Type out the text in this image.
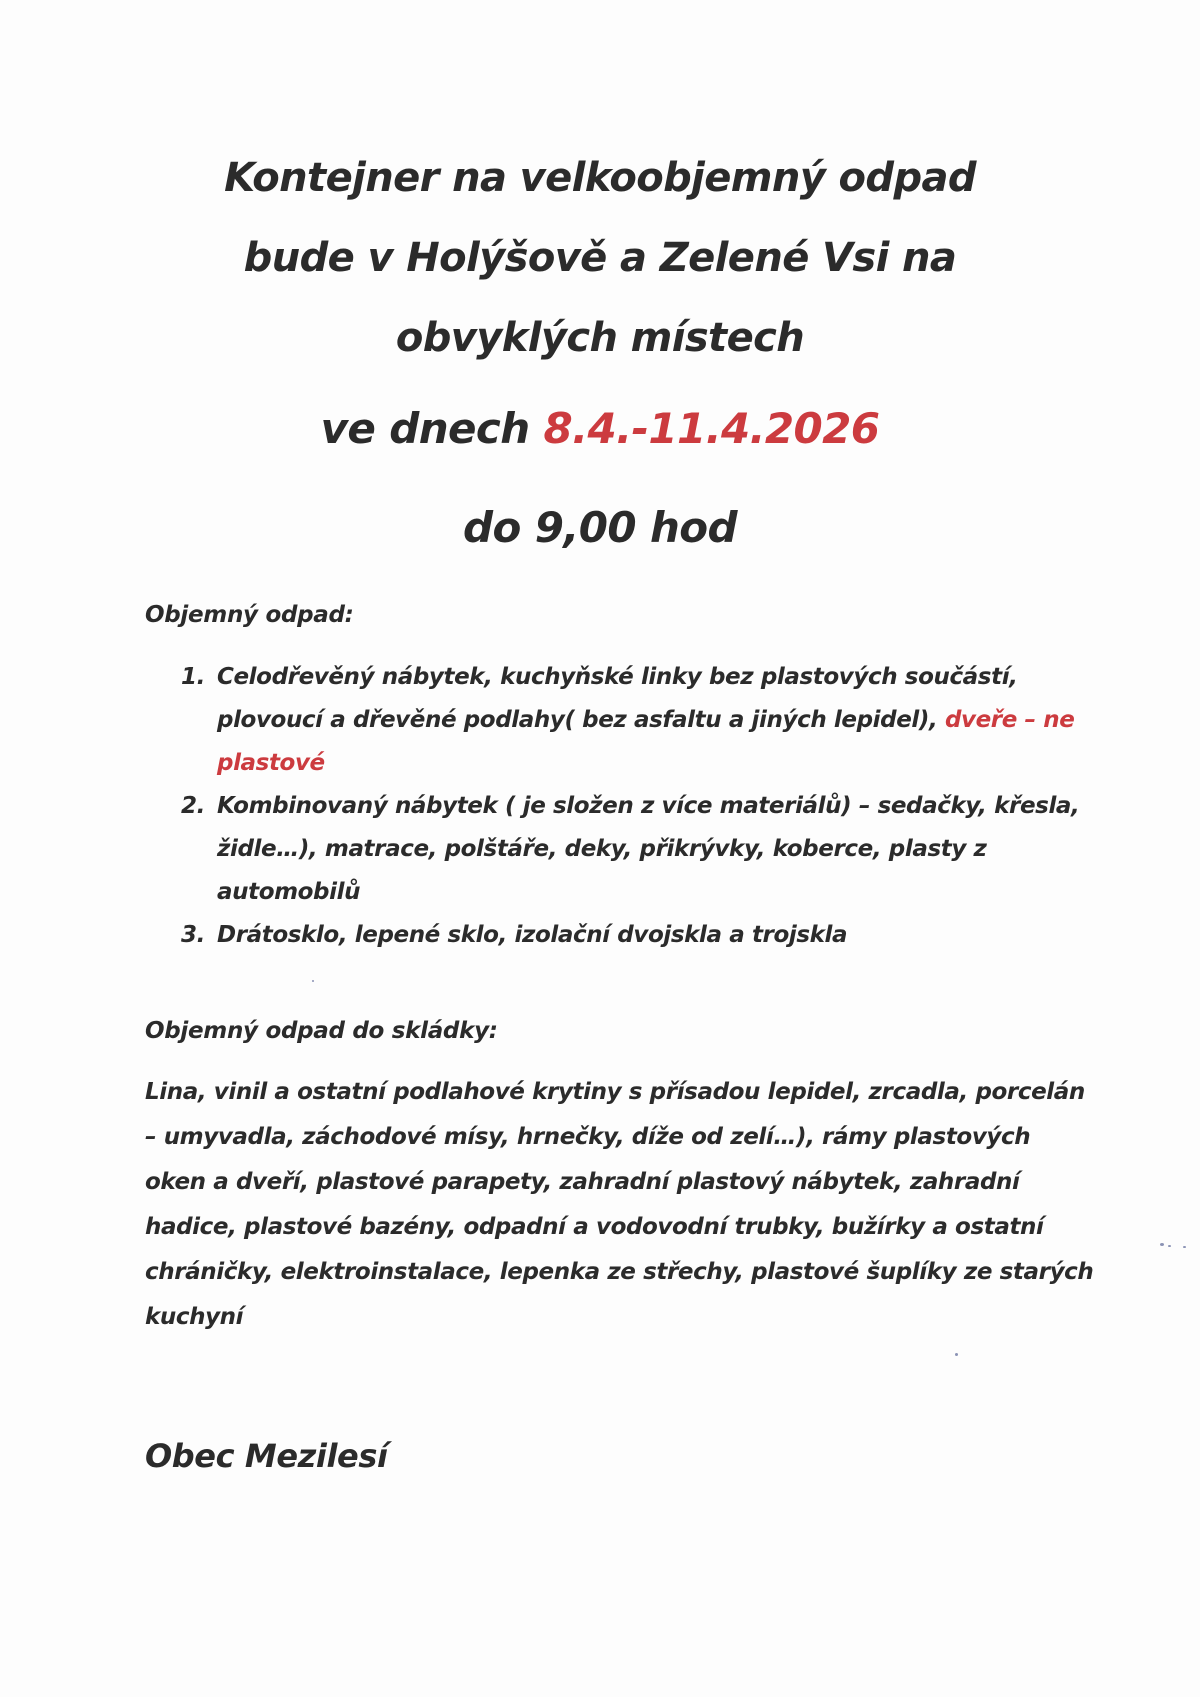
Kontejner na velkoobjemný odpad
bude v Holýšově a Zelené Vsi na
obvyklých místech
ve dnech 8.4.-11.4.2026
do 9,00 hod
Objemný odpad:
1. Celodřevěný nábytek, kuchyňské linky bez plastových součástí, plovoucí a dřevěné podlahy( bez asfaltu a jiných lepidel), dveře – ne plastové
2. Kombinovaný nábytek ( je složen z více materiálů) – sedačky, křesla, židle…), matrace, polštáře, deky, přikrývky, koberce, plasty z automobilů
3. Drátosklo, lepené sklo, izolační dvojskla a trojskla
Objemný odpad do skládky:
Lina, vinil a ostatní podlahové krytiny s přísadou lepidel, zrcadla, porcelán – umyvadla, záchodové mísy, hrnečky, díže od zelí…), rámy plastových oken a dveří, plastové parapety, zahradní plastový nábytek, zahradní hadice, plastové bazény, odpadní a vodovodní trubky, bužírky a ostatní chráničky, elektroinstalace, lepenka ze střechy, plastové šuplíky ze starých kuchyní
Obec Mezilesí
